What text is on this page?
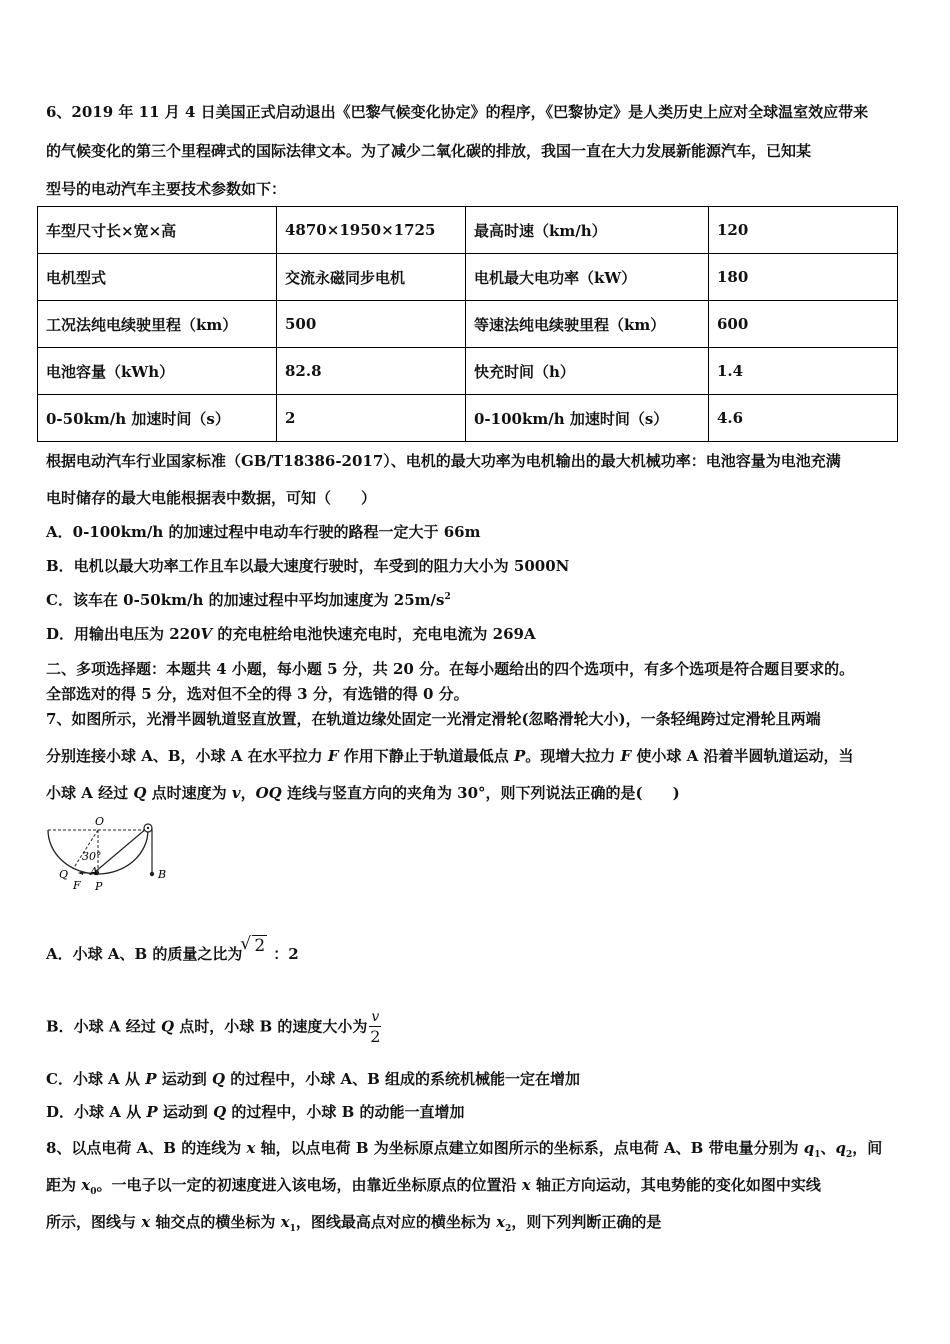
6、2019 年 11 月 4 日美国正式启动退出《巴黎气候变化协定》的程序，《巴黎协定》是人类历史上应对全球温室效应带来
的气候变化的第三个里程碑式的国际法律文本。为了减少二氧化碳的排放，我国一直在大力发展新能源汽车，已知某
型号的电动汽车主要技术参数如下：
车型尺寸长×宽×高	4870×1950×1725	最高时速（km/h）	120
电机型式	交流永磁同步电机	电机最大电功率（kW）	180
工况法纯电续驶里程（km）	500	等速法纯电续驶里程（km）	600
电池容量（kWh）	82.8	快充时间（h）	1.4
0-50km/h 加速时间（s）	2	0-100km/h 加速时间（s）	4.6
根据电动汽车行业国家标准（GB/T18386-2017）、电机的最大功率为电机输出的最大机械功率：电池容量为电池充满
电时储存的最大电能根据表中数据，可知（　　）
A．0-100km/h 的加速过程中电动车行驶的路程一定大于 66m
B．电机以最大功率工作且车以最大速度行驶时，车受到的阻力大小为 5000N
C．该车在 0-50km/h 的加速过程中平均加速度为 $25m/s^2$
D．用输出电压为 220V 的充电桩给电池快速充电时，充电电流为 269A
二、多项选择题：本题共 4 小题，每小题 5 分，共 20 分。在每小题给出的四个选项中，有多个选项是符合题目要求的。
全部选对的得 5 分，选对但不全的得 3 分，有选错的得 0 分。
7、如图所示，光滑半圆轨道竖直放置，在轨道边缘处固定一光滑定滑轮(忽略滑轮大小)，一条轻绳跨过定滑轮且两端
分别连接小球 A、B，小球 A 在水平拉力 F 作用下静止于轨道最低点 P。现增大拉力 F 使小球 A 沿着半圆轨道运动，当
小球 A 经过 Q 点时速度为 v，OQ 连线与竖直方向的夹角为 30°，则下列说法正确的是(　　)
O
30°
Q A
F P
B
A．小球 A、B 的质量之比为 √ 2 ：2
B．小球 A 经过 Q 点时，小球 B 的速度大小为 $\frac{v}{2}$
C．小球 A 从 P 运动到 Q 的过程中，小球 A、B 组成的系统机械能一定在增加
D．小球 A 从 P 运动到 Q 的过程中，小球 B 的动能一直增加
8、以点电荷 A、B 的连线为 x 轴，以点电荷 B 为坐标原点建立如图所示的坐标系，点电荷 A、B 带电量分别为 $q_1$、$q_2$，间
距为 $x_0$。一电子以一定的初速度进入该电场，由靠近坐标原点的位置沿 x 轴正方向运动，其电势能的变化如图中实线
所示，图线与 x 轴交点的横坐标为 $x_1$，图线最高点对应的横坐标为 $x_2$，则下列判断正确的是
